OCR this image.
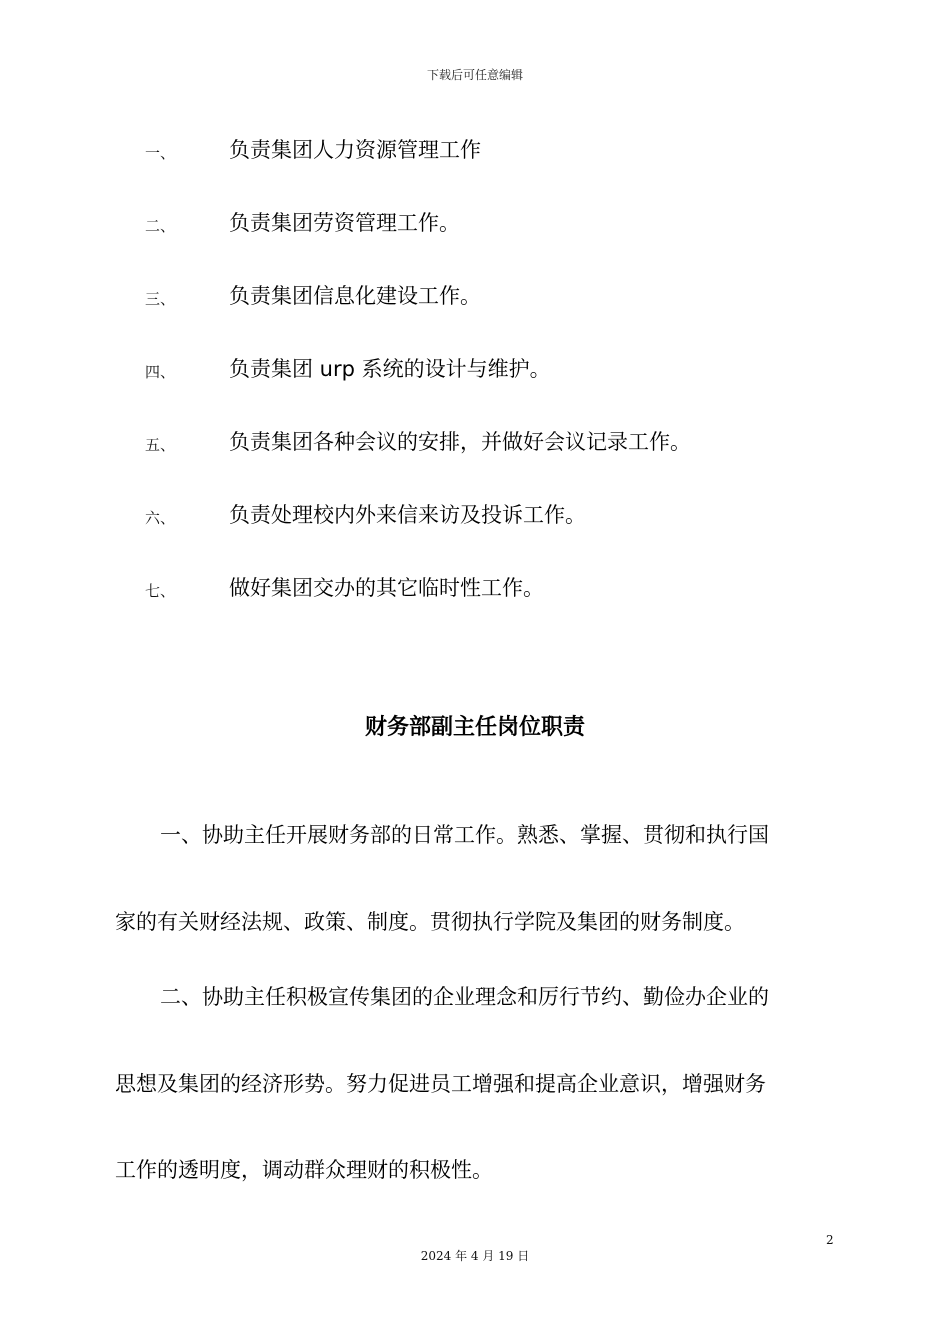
下载后可任意编辑
一、	负责集团人力资源管理工作
二、	负责集团劳资管理工作。
三、	负责集团信息化建设工作。
四、	负责集团 urp 系统的设计与维护。
五、	负责集团各种会议的安排，并做好会议记录工作。
六、	负责处理校内外来信来访及投诉工作。
七、	做好集团交办的其它临时性工作。
财务部副主任岗位职责
一、协助主任开展财务部的日常工作。熟悉、掌握、贯彻和执行国
家的有关财经法规、政策、制度。贯彻执行学院及集团的财务制度。
二、协助主任积极宣传集团的企业理念和厉行节约、勤俭办企业的
思想及集团的经济形势。努力促进员工增强和提高企业意识，增强财务
工作的透明度，调动群众理财的积极性。
2
2024 年 4 月 19 日
